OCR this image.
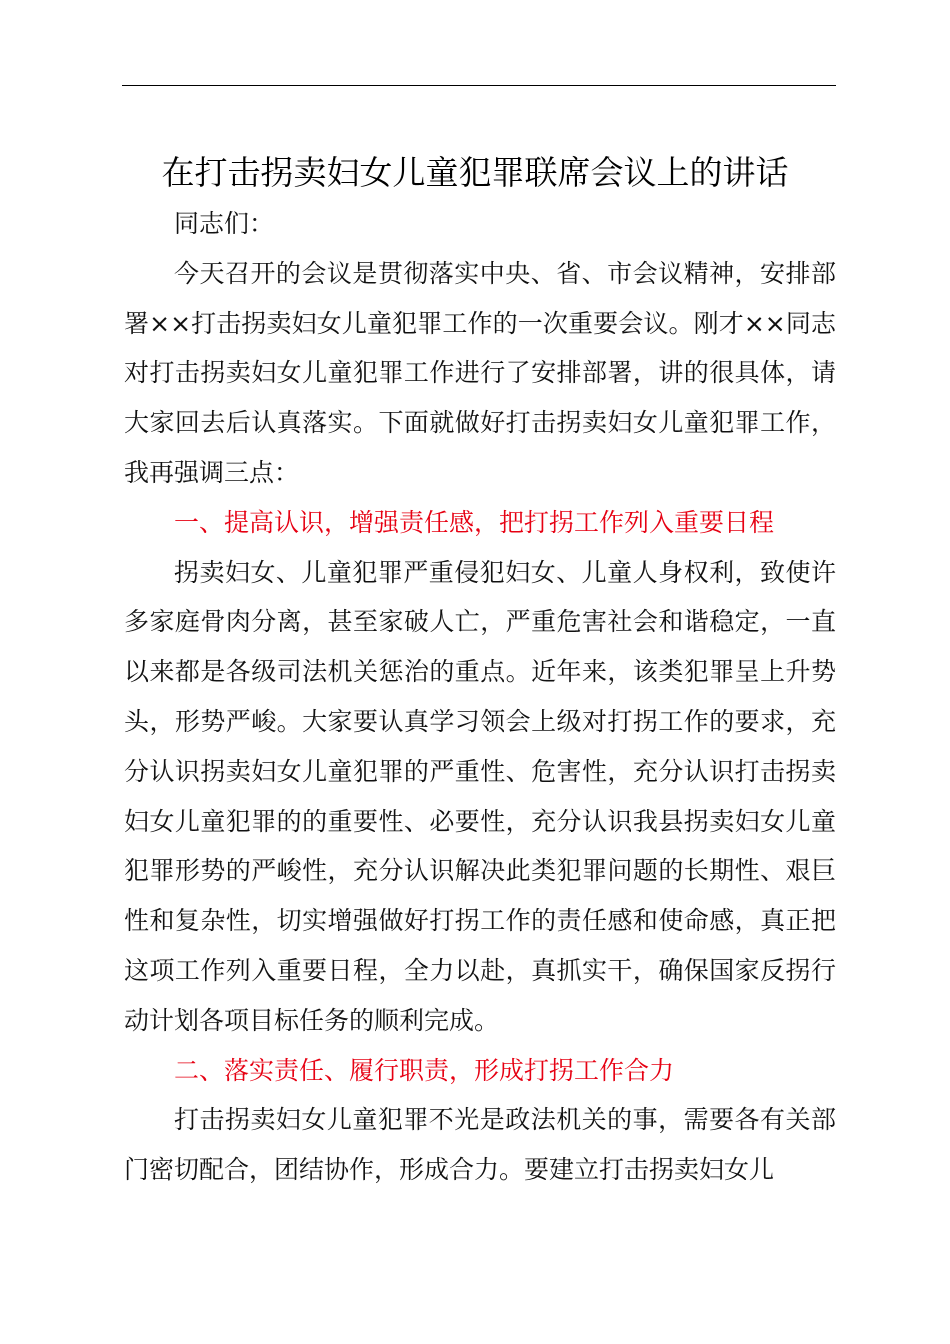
在打击拐卖妇女儿童犯罪联席会议上的讲话

同志们：

今天召开的会议是贯彻落实中央、省、市会议精神，安排部署××打击拐卖妇女儿童犯罪工作的一次重要会议。刚才××同志对打击拐卖妇女儿童犯罪工作进行了安排部署，讲的很具体，请大家回去后认真落实。下面就做好打击拐卖妇女儿童犯罪工作，我再强调三点：

一、提高认识，增强责任感，把打拐工作列入重要日程

拐卖妇女、儿童犯罪严重侵犯妇女、儿童人身权利，致使许多家庭骨肉分离，甚至家破人亡，严重危害社会和谐稳定，一直以来都是各级司法机关惩治的重点。近年来，该类犯罪呈上升势头，形势严峻。大家要认真学习领会上级对打拐工作的要求，充分认识拐卖妇女儿童犯罪的严重性、危害性，充分认识打击拐卖妇女儿童犯罪的的重要性、必要性，充分认识我县拐卖妇女儿童犯罪形势的严峻性，充分认识解决此类犯罪问题的长期性、艰巨性和复杂性，切实增强做好打拐工作的责任感和使命感，真正把这项工作列入重要日程，全力以赴，真抓实干，确保国家反拐行动计划各项目标任务的顺利完成。

二、落实责任、履行职责，形成打拐工作合力

打击拐卖妇女儿童犯罪不光是政法机关的事，需要各有关部门密切配合，团结协作，形成合力。要建立打击拐卖妇女儿
